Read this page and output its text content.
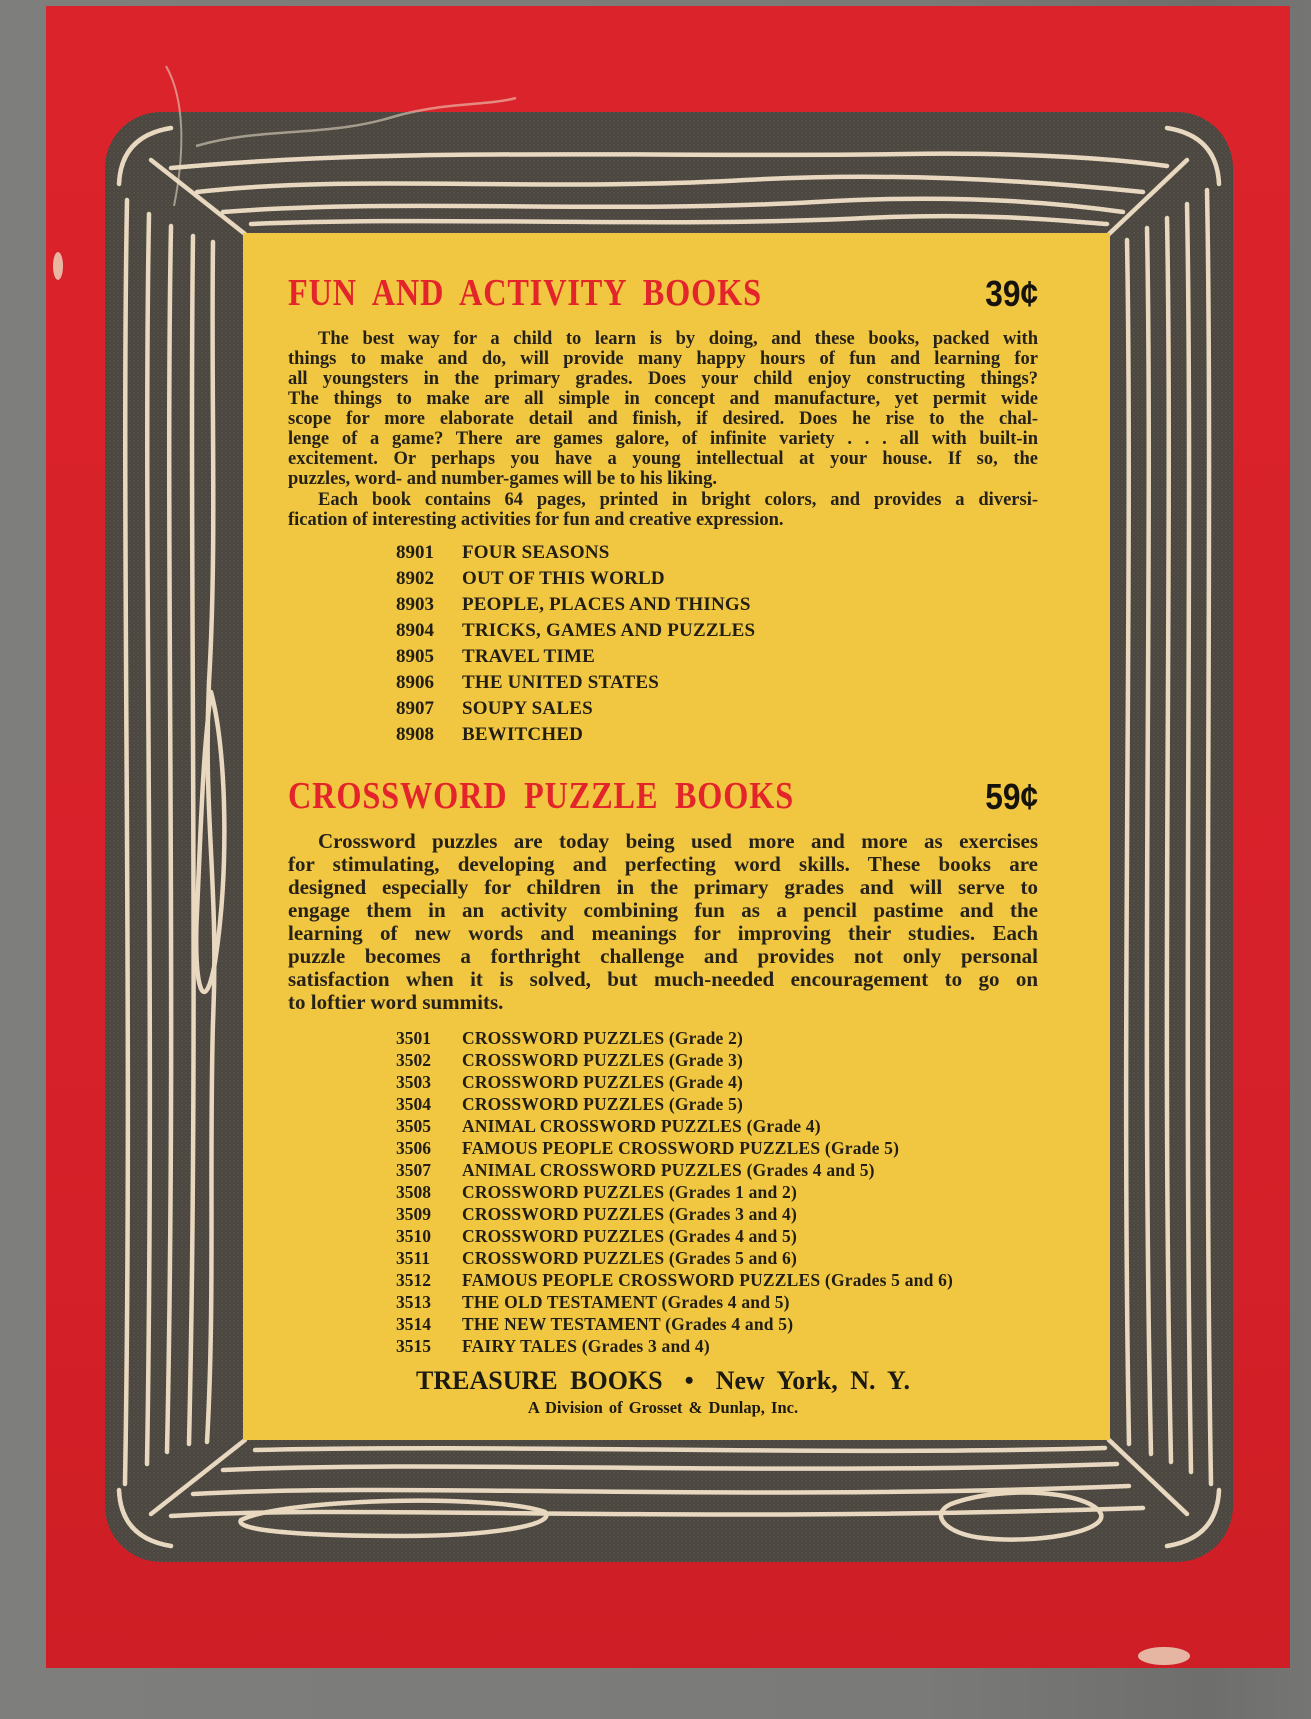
FUN AND ACTIVITY BOOKS	39¢
The best way for a child to learn is by doing, and these books, packed with
things to make and do, will provide many happy hours of fun and learning for
all youngsters in the primary grades. Does your child enjoy constructing things?
The things to make are all simple in concept and manufacture, yet permit wide
scope for more elaborate detail and finish, if desired. Does he rise to the chal-
lenge of a game? There are games galore, of infinite variety . . . all with built-in
excitement. Or perhaps you have a young intellectual at your house. If so, the
puzzles, word- and number-games will be to his liking.
Each book contains 64 pages, printed in bright colors, and provides a diversi-
fication of interesting activities for fun and creative expression.
8901	FOUR SEASONS
8902	OUT OF THIS WORLD
8903	PEOPLE, PLACES AND THINGS
8904	TRICKS, GAMES AND PUZZLES
8905	TRAVEL TIME
8906	THE UNITED STATES
8907	SOUPY SALES
8908	BEWITCHED
CROSSWORD PUZZLE BOOKS	59¢
Crossword puzzles are today being used more and more as exercises
for stimulating, developing and perfecting word skills. These books are
designed especially for children in the primary grades and will serve to
engage them in an activity combining fun as a pencil pastime and the
learning of new words and meanings for improving their studies. Each
puzzle becomes a forthright challenge and provides not only personal
satisfaction when it is solved, but much-needed encouragement to go on
to loftier word summits.
3501	CROSSWORD PUZZLES (Grade 2)
3502	CROSSWORD PUZZLES (Grade 3)
3503	CROSSWORD PUZZLES (Grade 4)
3504	CROSSWORD PUZZLES (Grade 5)
3505	ANIMAL CROSSWORD PUZZLES (Grade 4)
3506	FAMOUS PEOPLE CROSSWORD PUZZLES (Grade 5)
3507	ANIMAL CROSSWORD PUZZLES (Grades 4 and 5)
3508	CROSSWORD PUZZLES (Grades 1 and 2)
3509	CROSSWORD PUZZLES (Grades 3 and 4)
3510	CROSSWORD PUZZLES (Grades 4 and 5)
3511	CROSSWORD PUZZLES (Grades 5 and 6)
3512	FAMOUS PEOPLE CROSSWORD PUZZLES (Grades 5 and 6)
3513	THE OLD TESTAMENT (Grades 4 and 5)
3514	THE NEW TESTAMENT (Grades 4 and 5)
3515	FAIRY TALES (Grades 3 and 4)
TREASURE BOOKS • New York, N. Y.
A Division of Grosset & Dunlap, Inc.
